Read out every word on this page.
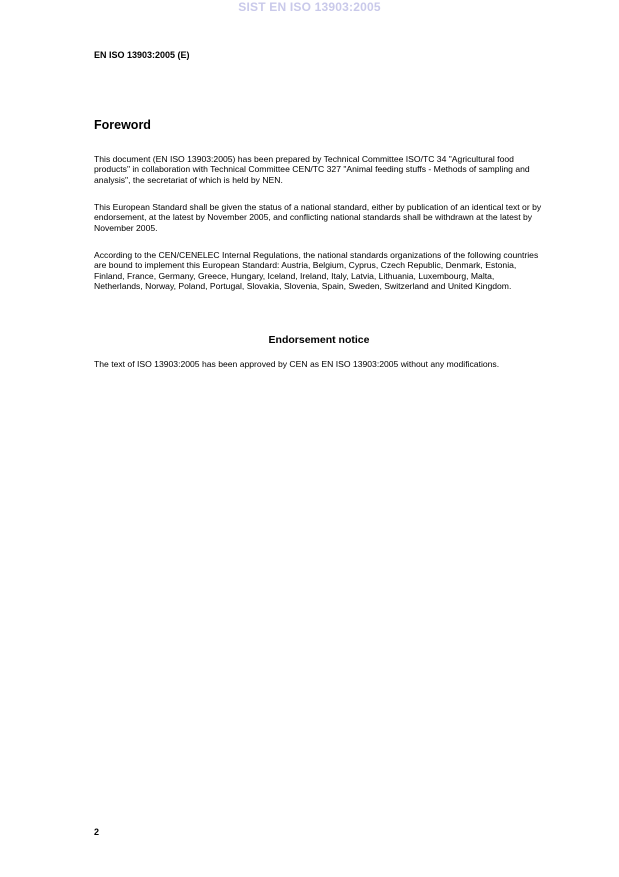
SIST EN ISO 13903:2005
EN ISO 13903:2005 (E)
Foreword

This document (EN ISO 13903:2005) has been prepared by Technical Committee ISO/TC 34 "Agricultural food products" in collaboration with Technical Committee CEN/TC 327 "Animal feeding stuffs - Methods of sampling and analysis", the secretariat of which is held by NEN.

This European Standard shall be given the status of a national standard, either by publication of an identical text or by endorsement, at the latest by November 2005, and conflicting national standards shall be withdrawn at the latest by November 2005.

According to the CEN/CENELEC Internal Regulations, the national standards organizations of the following countries are bound to implement this European Standard: Austria, Belgium, Cyprus, Czech Republic, Denmark, Estonia, Finland, France, Germany, Greece, Hungary, Iceland, Ireland, Italy, Latvia, Lithuania, Luxembourg, Malta, Netherlands, Norway, Poland, Portugal, Slovakia, Slovenia, Spain, Sweden, Switzerland and United Kingdom.

Endorsement notice

The text of ISO 13903:2005 has been approved by CEN as EN ISO 13903:2005 without any modifications.

2
